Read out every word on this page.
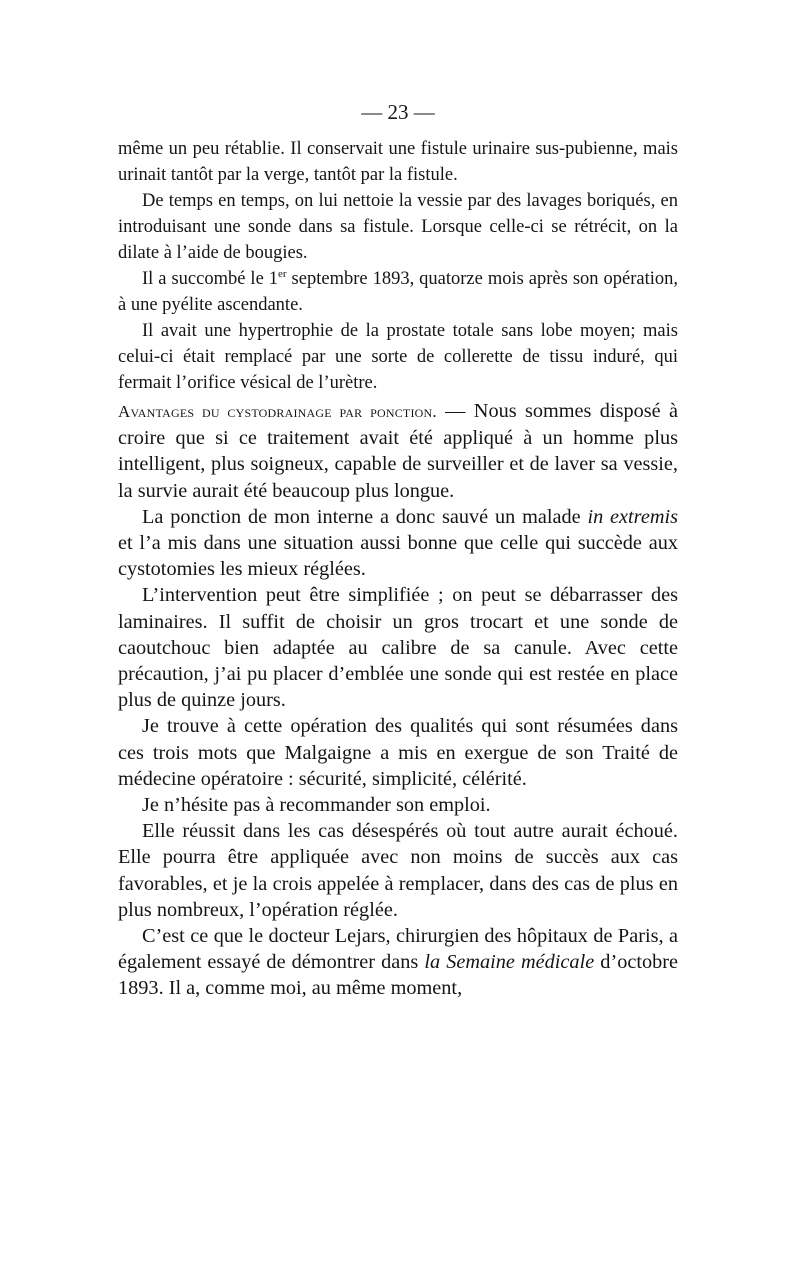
— 23 —

même un peu rétablie. Il conservait une fistule urinaire sus-pubienne, mais urinait tantôt par la verge, tantôt par la fistule.

De temps en temps, on lui nettoie la vessie par des lavages boriqués, en introduisant une sonde dans sa fistule. Lorsque celle-ci se rétrécit, on la dilate à l’aide de bougies.

Il a succombé le 1er septembre 1893, quatorze mois après son opération, à une pyélite ascendante.

Il avait une hypertrophie de la prostate totale sans lobe moyen; mais celui-ci était remplacé par une sorte de collerette de tissu induré, qui fermait l’orifice vésical de l’urètre.

Avantages du cystodrainage par ponction. — Nous sommes disposé à croire que si ce traitement avait été appliqué à un homme plus intelligent, plus soigneux, capable de surveiller et de laver sa vessie, la survie aurait été beaucoup plus longue.

La ponction de mon interne a donc sauvé un malade in extremis et l’a mis dans une situation aussi bonne que celle qui succède aux cystotomies les mieux réglées.

L’intervention peut être simplifiée ; on peut se débarrasser des laminaires. Il suffit de choisir un gros trocart et une sonde de caoutchouc bien adaptée au calibre de sa canule. Avec cette précaution, j’ai pu placer d’emblée une sonde qui est restée en place plus de quinze jours.

Je trouve à cette opération des qualités qui sont résumées dans ces trois mots que Malgaigne a mis en exergue de son Traité de médecine opératoire : sécurité, simplicité, célérité.

Je n’hésite pas à recommander son emploi.

Elle réussit dans les cas désespérés où tout autre aurait échoué. Elle pourra être appliquée avec non moins de succès aux cas favorables, et je la crois appelée à remplacer, dans des cas de plus en plus nombreux, l’opération réglée.

C’est ce que le docteur Lejars, chirurgien des hôpitaux de Paris, a également essayé de démontrer dans la Semaine médicale d’octobre 1893. Il a, comme moi, au même moment,
